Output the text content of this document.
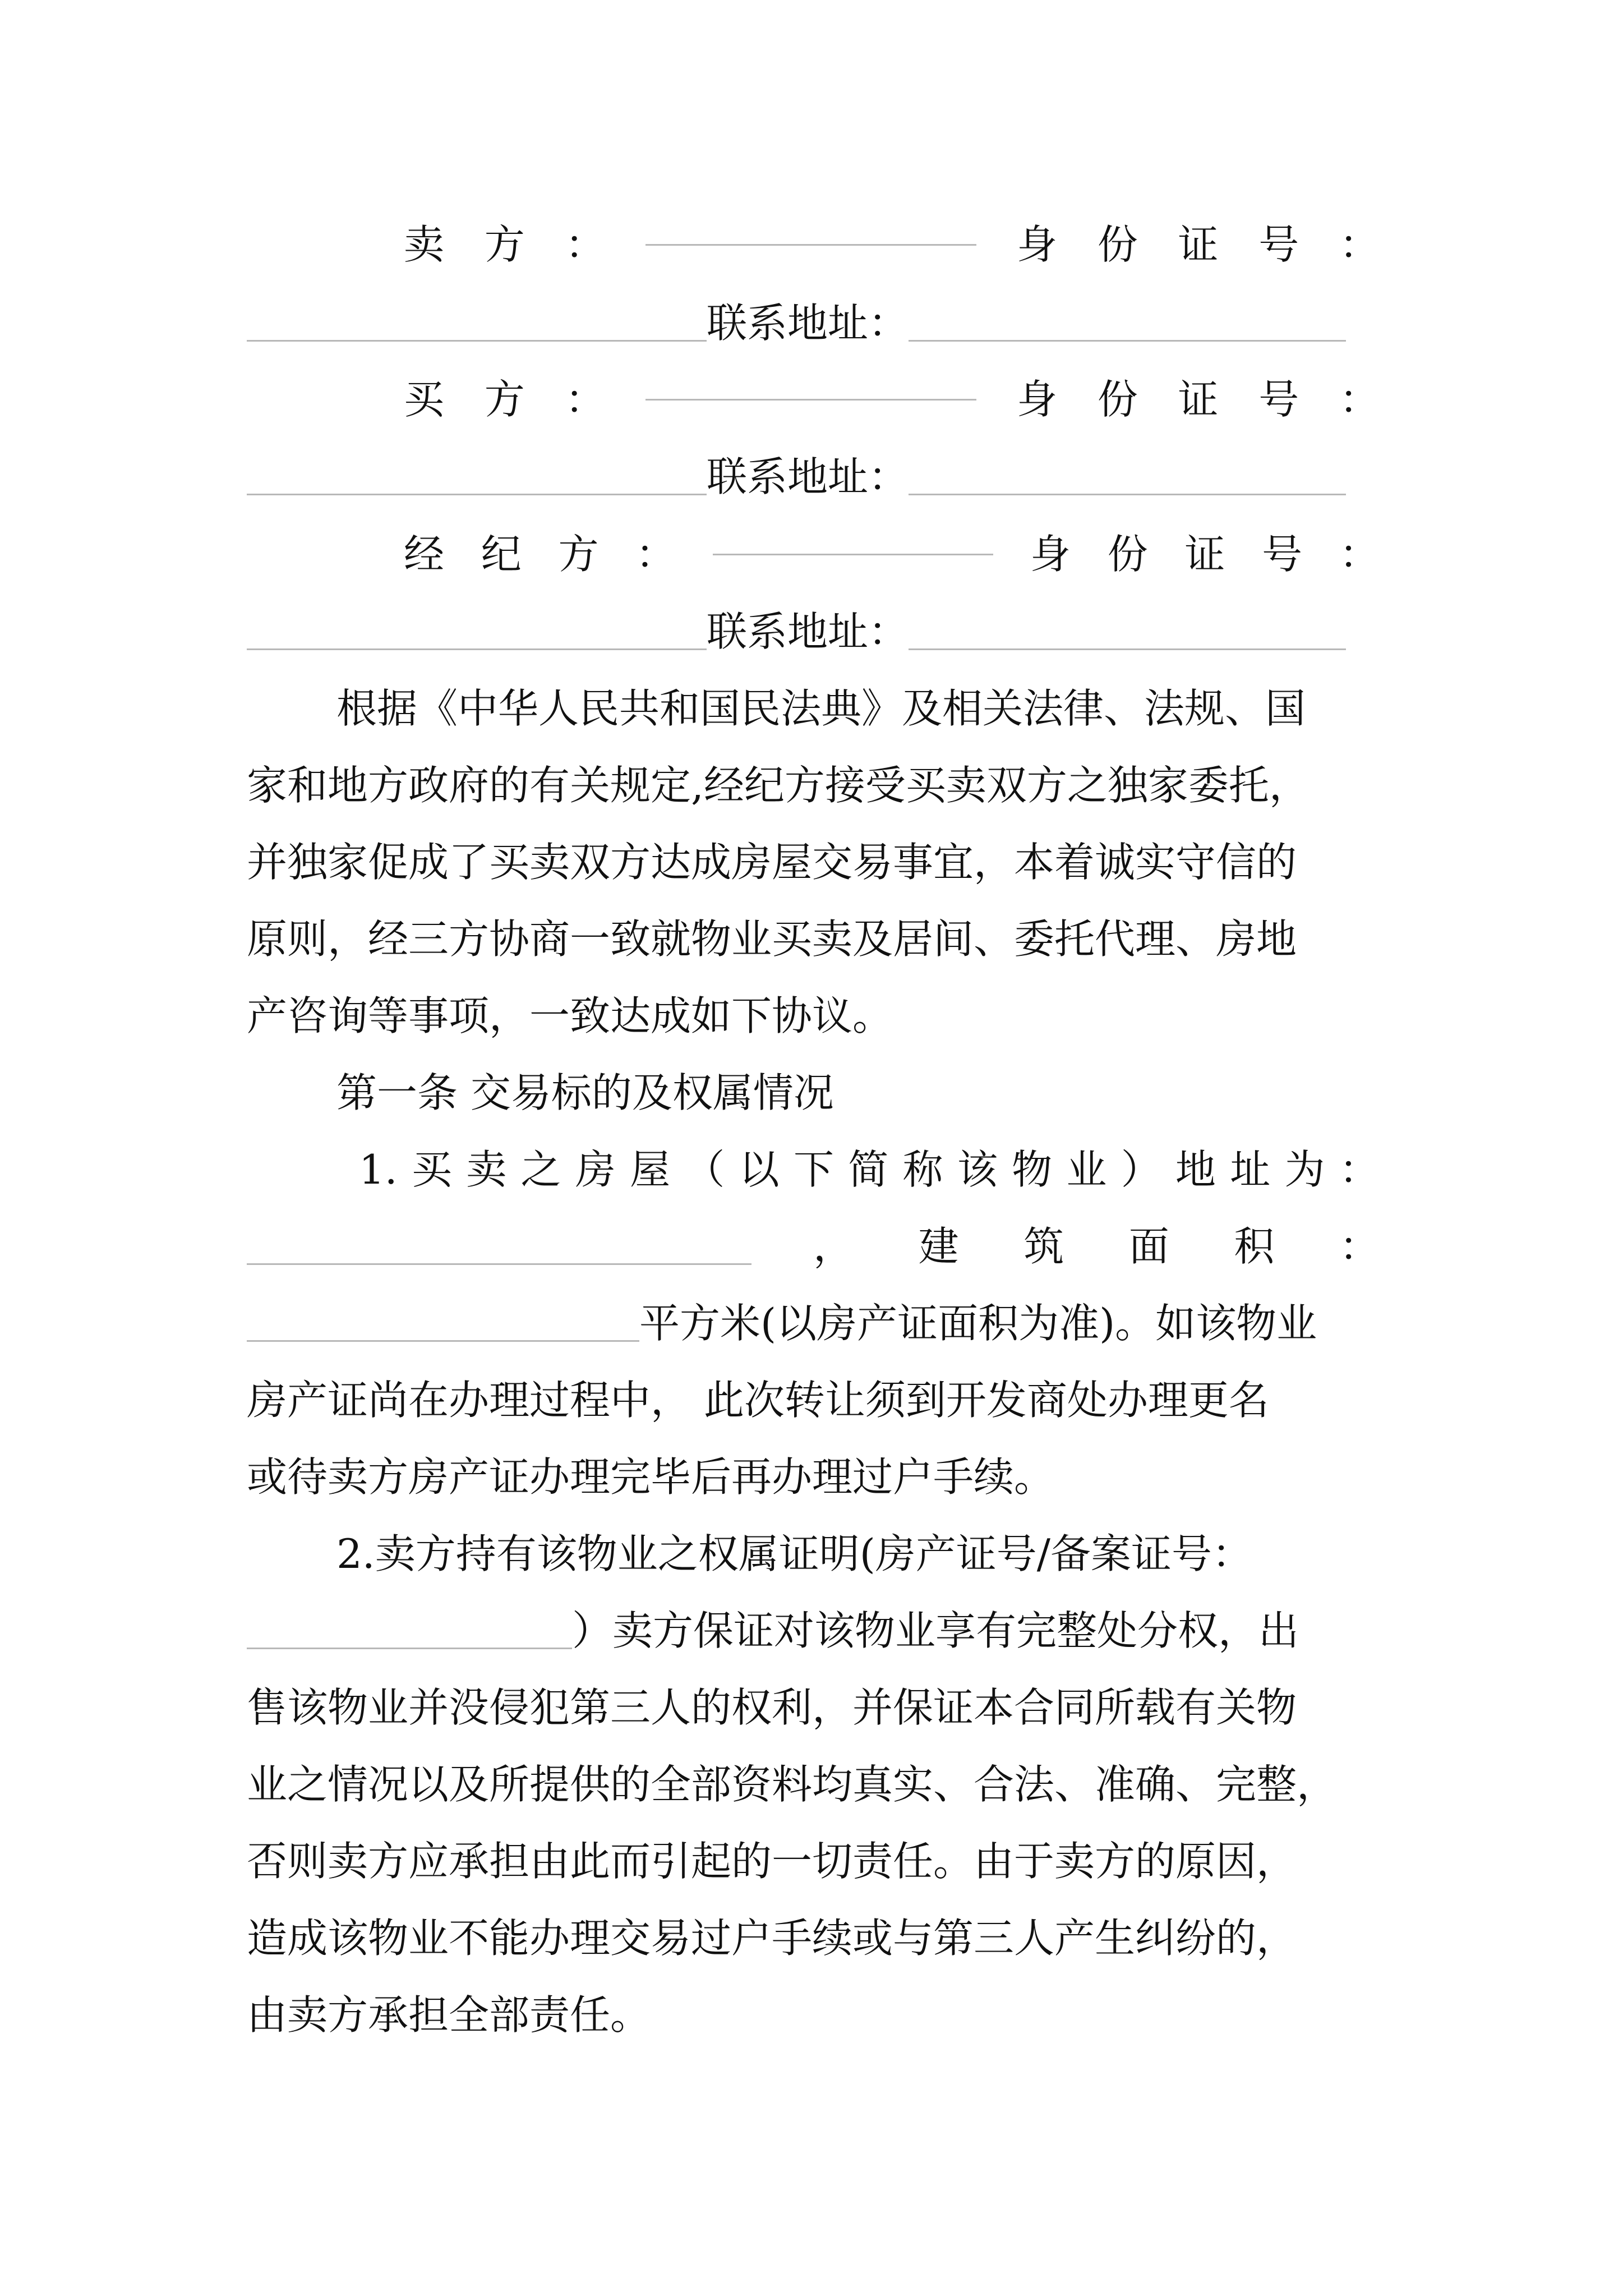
卖 方 ：	身 份 证 号 ：
联系地址：
买 方 ：	身 份 证 号 ：
联系地址：
经 纪 方 ：	身 份 证 号 ：
联系地址：
根据《中华人民共和国民法典》及相关法律、法规、国
家和地方政府的有关规定,经纪方接受买卖双方之独家委托，
并独家促成了买卖双方达成房屋交易事宜，本着诚实守信的
原则，经三方协商一致就物业买卖及居间、委托代理、房地
产咨询等事项，一致达成如下协议。
第一条 交易标的及权属情况
1. 买 卖 之 房 屋 （ 以 下 简 称 该 物 业 ） 地 址 为 ：
， 建 筑 面 积 ：
平方米(以房产证面积为准)。如该物业
房产证尚在办理过程中， 此次转让须到开发商处办理更名
或待卖方房产证办理完毕后再办理过户手续。
2.卖方持有该物业之权属证明(房产证号/备案证号：
）卖方保证对该物业享有完整处分权，出
售该物业并没侵犯第三人的权利，并保证本合同所载有关物
业之情况以及所提供的全部资料均真实、合法、准确、完整，
否则卖方应承担由此而引起的一切责任。由于卖方的原因，
造成该物业不能办理交易过户手续或与第三人产生纠纷的，
由卖方承担全部责任。
